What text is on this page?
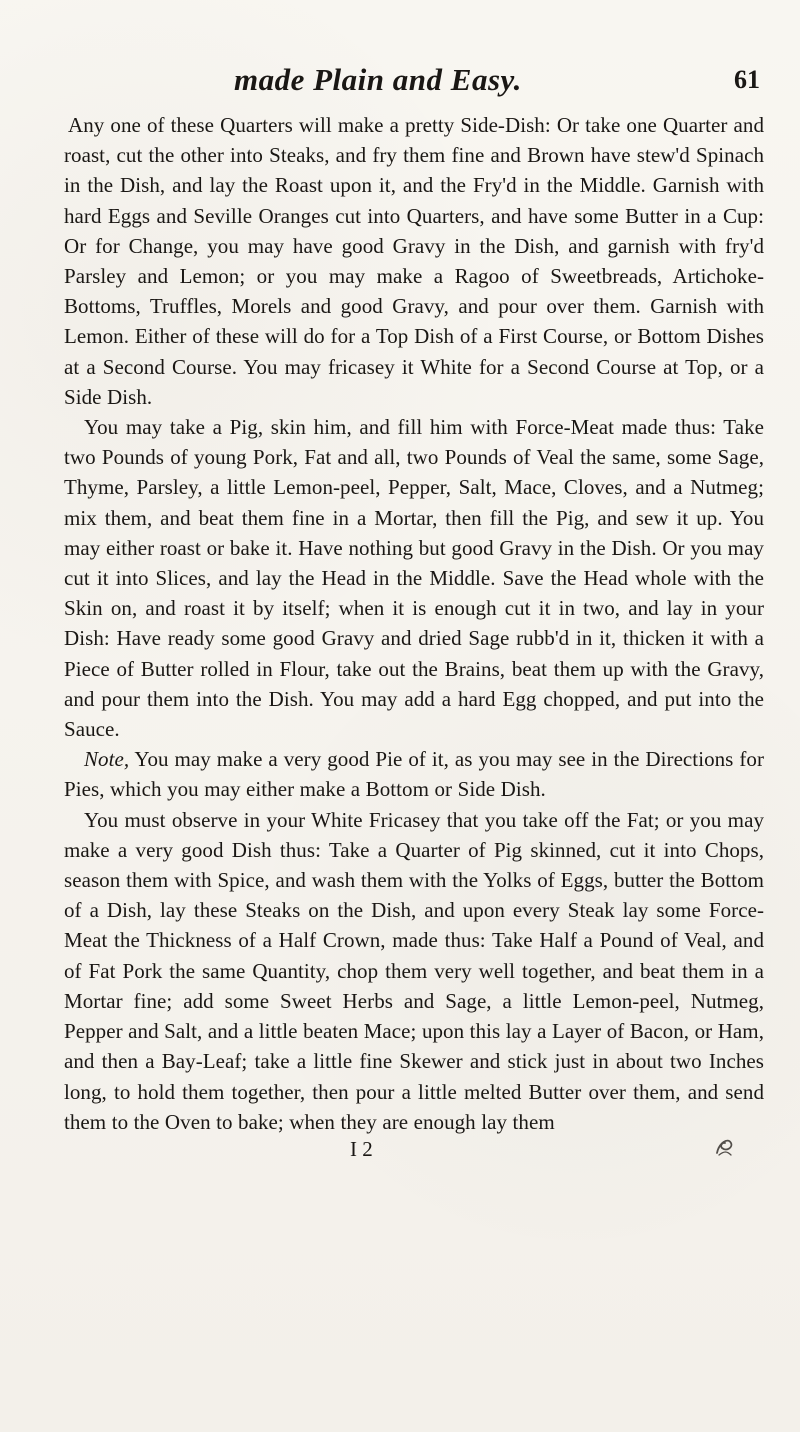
made Plain and Easy.	61

Any one of these Quarters will make a pretty Side-Dish: Or take one Quarter and roast, cut the other into Steaks, and fry them fine and Brown have stew'd Spinach in the Dish, and lay the Roast upon it, and the Fry'd in the Middle. Garnish with hard Eggs and Seville Oranges cut into Quarters, and have some Butter in a Cup: Or for Change, you may have good Gravy in the Dish, and garnish with fry'd Parsley and Lemon; or you may make a Ragoo of Sweetbreads, Artichoke-Bottoms, Truffles, Morels and good Gravy, and pour over them. Garnish with Lemon. Either of these will do for a Top Dish of a First Course, or Bottom Dishes at a Second Course. You may fricasey it White for a Second Course at Top, or a Side Dish.

You may take a Pig, skin him, and fill him with Force-Meat made thus: Take two Pounds of young Pork, Fat and all, two Pounds of Veal the same, some Sage, Thyme, Parsley, a little Lemon-peel, Pepper, Salt, Mace, Cloves, and a Nutmeg; mix them, and beat them fine in a Mortar, then fill the Pig, and sew it up. You may either roast or bake it. Have nothing but good Gravy in the Dish. Or you may cut it into Slices, and lay the Head in the Middle. Save the Head whole with the Skin on, and roast it by itself; when it is enough cut it in two, and lay in your Dish: Have ready some good Gravy and dried Sage rubb'd in it, thicken it with a Piece of Butter rolled in Flour, take out the Brains, beat them up with the Gravy, and pour them into the Dish. You may add a hard Egg chopped, and put into the Sauce.

Note, You may make a very good Pie of it, as you may see in the Directions for Pies, which you may either make a Bottom or Side Dish.

You must observe in your White Fricasey that you take off the Fat; or you may make a very good Dish thus: Take a Quarter of Pig skinned, cut it into Chops, season them with Spice, and wash them with the Yolks of Eggs, butter the Bottom of a Dish, lay these Steaks on the Dish, and upon every Steak lay some Force-Meat the Thickness of a Half Crown, made thus: Take Half a Pound of Veal, and of Fat Pork the same Quantity, chop them very well together, and beat them in a Mortar fine; add some Sweet Herbs and Sage, a little Lemon-peel, Nutmeg, Pepper and Salt, and a little beaten Mace; upon this lay a Layer of Bacon, or Ham, and then a Bay-Leaf; take a little fine Skewer and stick just in about two Inches long, to hold them together, then pour a little melted Butter over them, and send them to the Oven to bake; when they are enough lay them

I 2
